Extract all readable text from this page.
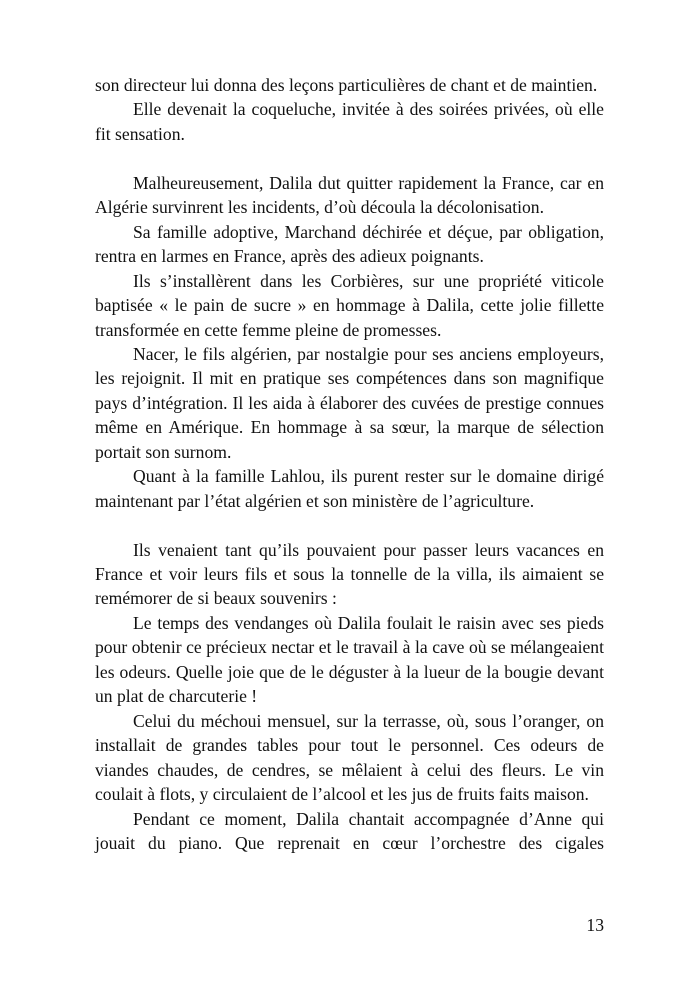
son directeur lui donna des leçons particulières de chant et de maintien.

Elle devenait la coqueluche, invitée à des soirées privées, où elle fit sensation.

Malheureusement, Dalila dut quitter rapidement la France, car en Algérie survinrent les incidents, d’où découla la décolonisation.

Sa famille adoptive, Marchand déchirée et déçue, par obligation, rentra en larmes en France, après des adieux poignants.

Ils s’installèrent dans les Corbières, sur une propriété viticole baptisée « le pain de sucre » en hommage à Dalila, cette jolie fillette transformée en cette femme pleine de promesses.

Nacer, le fils algérien, par nostalgie pour ses anciens employeurs, les rejoignit. Il mit en pratique ses compétences dans son magnifique pays d’intégration. Il les aida à élaborer des cuvées de prestige connues même en Amérique. En hommage à sa sœur, la marque de sélection portait son surnom.

Quant à la famille Lahlou, ils purent rester sur le domaine dirigé maintenant par l’état algérien et son ministère de l’agriculture.

Ils venaient tant qu’ils pouvaient pour passer leurs vacances en France et voir leurs fils et sous la tonnelle de la villa, ils aimaient se remémorer de si beaux souvenirs :

Le temps des vendanges où Dalila foulait le raisin avec ses pieds pour obtenir ce précieux nectar et le travail à la cave où se mélangeaient les odeurs. Quelle joie que de le déguster à la lueur de la bougie devant un plat de charcuterie !

Celui du méchoui mensuel, sur la terrasse, où, sous l’oranger, on installait de grandes tables pour tout le personnel. Ces odeurs de viandes chaudes, de cendres, se mêlaient à celui des fleurs. Le vin coulait à flots, y circulaient de l’alcool et les jus de fruits faits maison.

Pendant ce moment, Dalila chantait accompagnée d’Anne qui jouait du piano. Que reprenait en cœur l’orchestre des cigales

13
